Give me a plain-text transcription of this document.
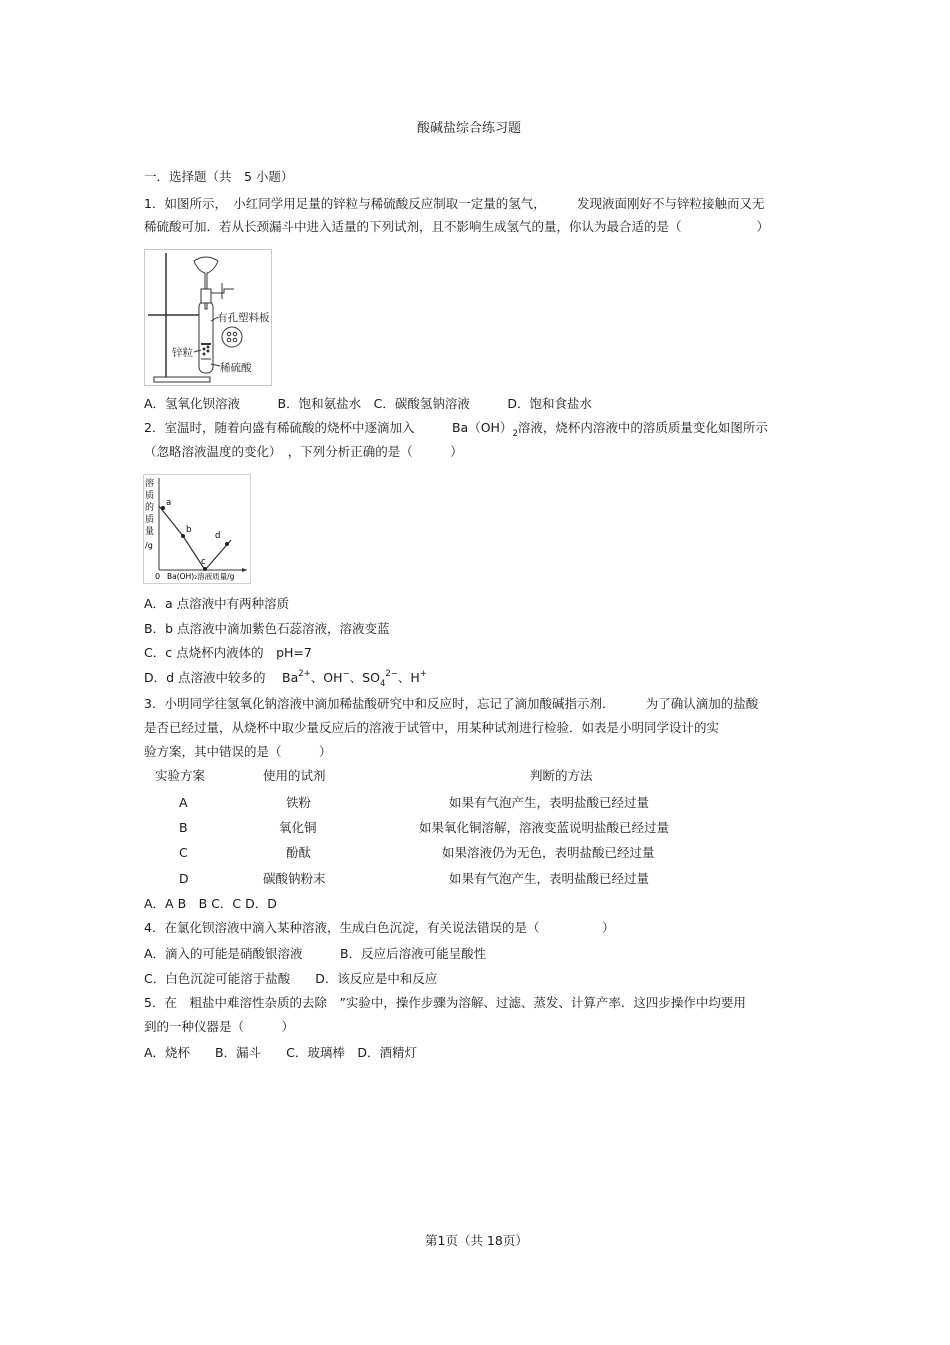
酸碱盐综合练习题
一．选择题（共　5 小题）
1．如图所示，　小红同学用足量的锌粒与稀硫酸反应制取一定量的氢气，　　　发现液面刚好不与锌粒接触而又无
稀硫酸可加．若从长颈漏斗中进入适量的下列试剂，且不影响生成氢气的量，你认为最合适的是（　　　　　　）
有孔塑料板
锌粒
稀硫酸
A．氢氧化钡溶液　　　B．饱和氨盐水　C．碳酸氢钠溶液　　　D．饱和食盐水
2．室温时，随着向盛有稀硫酸的烧杯中逐滴加入　　　$Ba(OH)_2$溶液，烧杯内溶液中的溶质质量变化如图所示
（忽略溶液温度的变化）　，下列分析正确的是（　　　）
溶
质
的
质
量
/g
0 Ba(OH)₂溶液质量/g
a
b
c
d
A．a 点溶液中有两种溶质
B．b 点溶液中滴加紫色石蕊溶液，溶液变蓝
C．c 点烧杯内液体的　pH=7
D．d 点溶液中较多的　 $Ba^{2+}$、OH−、$SO_4^{2-}$、H+
3．小明同学往氢氧化钠溶液中滴加稀盐酸研究中和反应时，忘记了滴加酸碱指示剂．　　　为了确认滴加的盐酸
是否已经过量，从烧杯中取少量反应后的溶液于试管中，用某种试剂进行检验．如表是小明同学设计的实
验方案，其中错误的是（　　　）
实验方案	使用的试剂	判断的方法
A	铁粉	如果有气泡产生，表明盐酸已经过量
B	氧化铜	如果氧化铜溶解，溶液变蓝说明盐酸已经过量
C	酚酞	如果溶液仍为无色，表明盐酸已经过量
D	碳酸钠粉末	如果有气泡产生，表明盐酸已经过量
A．A B　B C．C D．D
4．在氯化钡溶液中滴入某种溶液，生成白色沉淀，有关说法错误的是（　　　　　）
A．滴入的可能是硝酸银溶液　　　B．反应后溶液可能呈酸性
C．白色沉淀可能溶于盐酸　　D．该反应是中和反应
5．在　粗盐中难溶性杂质的去除　”实验中，操作步骤为溶解、过滤、蒸发、计算产率．这四步操作中均要用
到的一种仪器是（　　　）
A．烧杯　　B．漏斗　　C．玻璃棒　D．酒精灯
第1页（共 18页）
